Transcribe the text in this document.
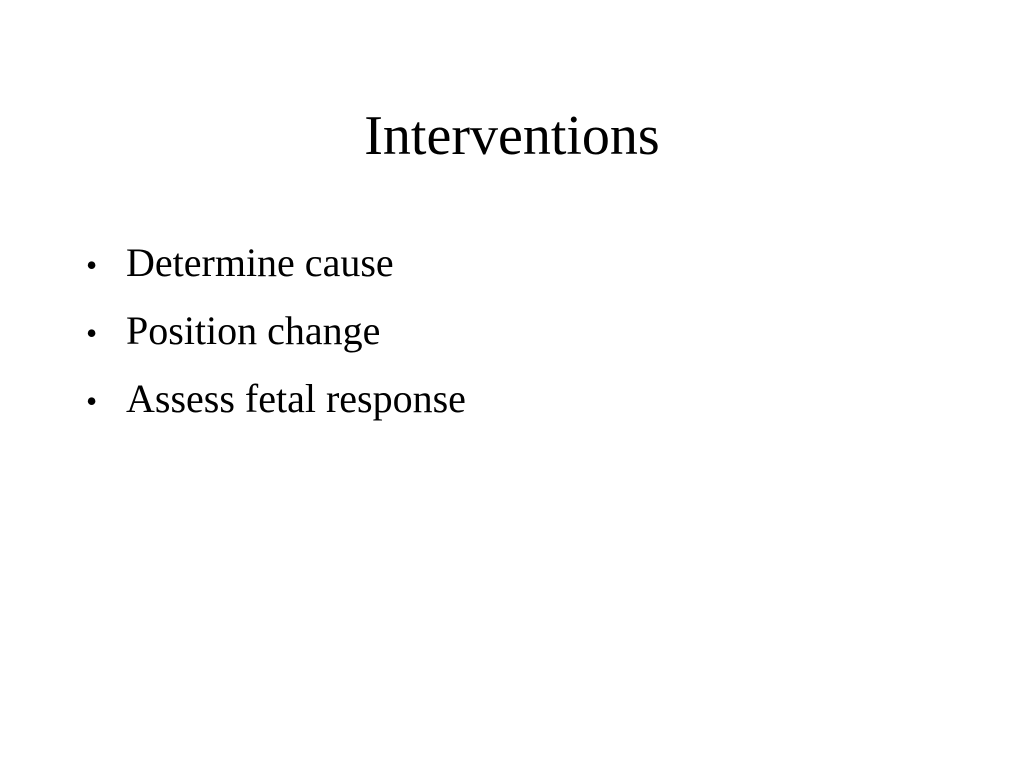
Interventions
• Determine cause
• Position change
• Assess fetal response
